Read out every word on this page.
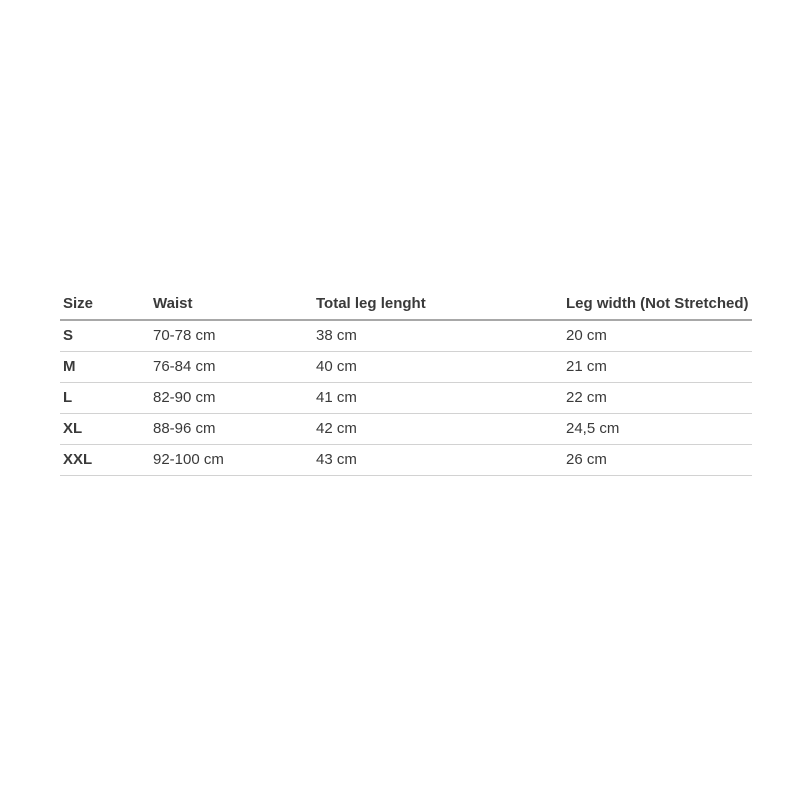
Size	Waist	Total leg lenght	Leg width (Not Stretched)
S	70-78 cm	38 cm	20 cm
M	76-84 cm	40 cm	21 cm
L	82-90 cm	41 cm	22 cm
XL	88-96 cm	42 cm	24,5 cm
XXL	92-100 cm	43 cm	26 cm
